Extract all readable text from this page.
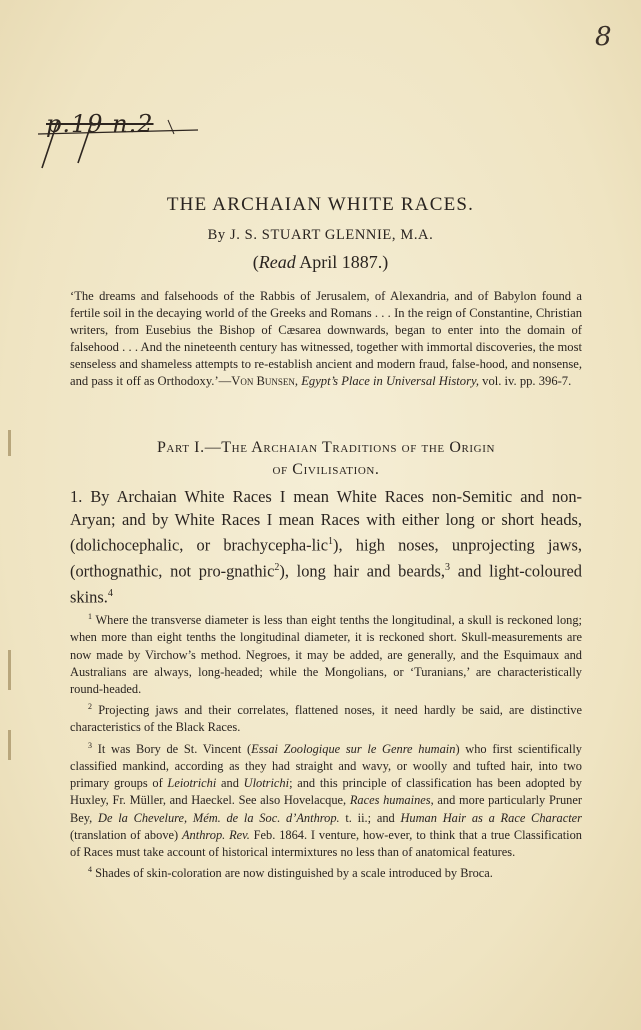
8
p.19 n.2
THE ARCHAIAN WHITE RACES.
By J. S. STUART GLENNIE, M.A.
(Read April 1887.)
‘The dreams and falsehoods of the Rabbis of Jerusalem, of Alexandria, and of Babylon found a fertile soil in the decaying world of the Greeks and Romans . . . In the reign of Constantine, Christian writers, from Eusebius the Bishop of Cæsarea downwards, began to enter into the domain of falsehood . . . And the nineteenth century has witnessed, together with immortal discoveries, the most senseless and shameless attempts to re-establish ancient and modern fraud, false-hood, and nonsense, and pass it off as Orthodoxy.’—Von Bunsen, Egypt’s Place in Universal History, vol. iv. pp. 396-7.
Part I.—The Archaian Traditions of the Origin
of Civilisation.
1. By Archaian White Races I mean White Races non-Semitic and non-Aryan; and by White Races I mean Races with either long or short heads, (dolichocephalic, or brachycepha-lic$^1$), high noses, unprojecting jaws, (orthognathic, not pro-gnathic$^2$), long hair and beards,$^3$ and light-coloured skins.$^4$

$^1$ Where the transverse diameter is less than eight tenths the longitudinal, a skull is reckoned long; when more than eight tenths the longitudinal diameter, it is reckoned short. Skull-measurements are now made by Virchow’s method. Negroes, it may be added, are generally, and the Esquimaux and Australians are always, long-headed; while the Mongolians, or ‘Turanians,’ are characteristically round-headed.

$^2$ Projecting jaws and their correlates, flattened noses, it need hardly be said, are distinctive characteristics of the Black Races.

$^3$ It was Bory de St. Vincent (Essai Zoologique sur le Genre humain) who first scientifically classified mankind, according as they had straight and wavy, or woolly and tufted hair, into two primary groups of Leiotrichi and Ulotrichi; and this principle of classification has been adopted by Huxley, Fr. Müller, and Haeckel. See also Hovelacque, Races humaines, and more particularly Pruner Bey, De la Chevelure, Mém. de la Soc. d’Anthrop. t. ii.; and Human Hair as a Race Character (translation of above) Anthrop. Rev. Feb. 1864. I venture, how-ever, to think that a true Classification of Races must take account of historical intermixtures no less than of anatomical features.

$^4$ Shades of skin-coloration are now distinguished by a scale introduced by Broca.
